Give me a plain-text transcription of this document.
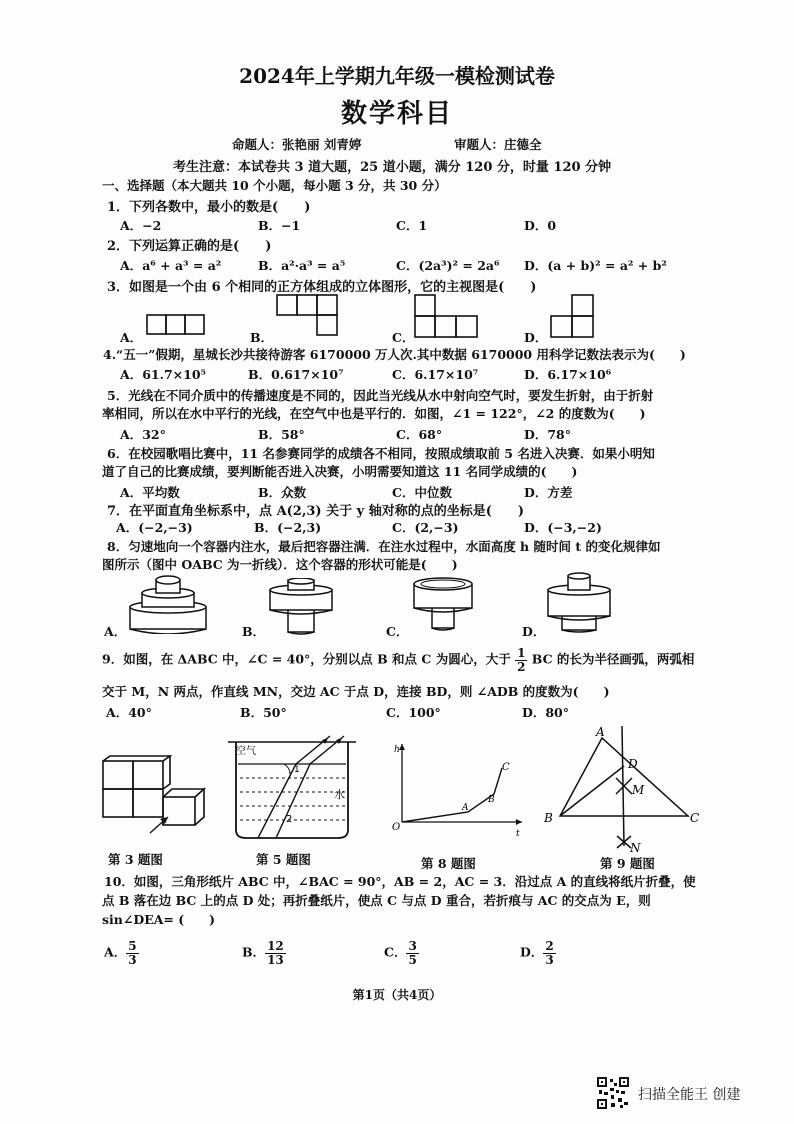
2024年上学期九年级一模检测试卷
数学科目
命题人：张艳丽 刘青婷	审题人：庄德全
考生注意：本试卷共 3 道大题，25 道小题，满分 120 分，时量 120 分钟
一、选择题（本大题共 10 个小题，每小题 3 分，共 30 分）
1．下列各数中，最小的数是(　　)
A．−2	B．−1	C．1	D．0
2．下列运算正确的是(　　)
A．a⁶ + a³ = a²	B．a²·a³ = a⁵	C．(2a³)² = 2a⁶ D．(a + b)² = a² + b²
3．如图是一个由 6 个相同的正方体组成的立体图形，它的主视图是(　　)
A．	B．	C．	D．
4.“五一”假期，星城长沙共接待游客 6170000 万人次.其中数据 6170000 用科学记数法表示为(　　)
A．61.7×10⁵	B．0.617×10⁷	C．6.17×10⁷	D．6.17×10⁶
5．光线在不同介质中的传播速度是不同的，因此当光线从水中射向空气时，要发生折射，由于折射
率相同，所以在水中平行的光线，在空气中也是平行的．如图，∠1 = 122°，∠2 的度数为(　　)
A．32°	B．58°	C．68°	D．78°
6．在校园歌唱比赛中，11 名参赛同学的成绩各不相同，按照成绩取前 5 名进入决赛．如果小明知
道了自己的比赛成绩，要判断能否进入决赛，小明需要知道这 11 名同学成绩的(　　)
A．平均数	B．众数	C．中位数	D．方差
7．在平面直角坐标系中，点 A(2,3) 关于 y 轴对称的点的坐标是(　　)
A．(−2,−3)	B．(−2,3)	C．(2,−3)	D．(−3,−2)
8．匀速地向一个容器内注水，最后把容器注满．在注水过程中，水面高度 h 随时间 t 的变化规律如
图所示（图中 OABC 为一折线）．这个容器的形状可能是(　　)
A．	B．	C．	D．
9．如图，在 ΔABC 中，∠C = 40°，分别以点 B 和点 C 为圆心，大于 $\frac{1}{2}$ BC 的长为半径画弧，两弧相
交于 M，N 两点，作直线 MN，交边 AC 于点 D，连接 BD，则 ∠ADB 的度数为(　　)
A．40°	B．50°	C．100°	D．80°
第 3 题图
空气
水
1
2
第 5 题图
h
t
O
A
B
C
第 8 题图
A
B	C
D
M
N
第 9 题图
10．如图，三角形纸片 ABC 中，∠BAC = 90°，AB = 2，AC = 3．沿过点 A 的直线将纸片折叠，使
点 B 落在边 BC 上的点 D 处；再折叠纸片，使点 C 与点 D 重合，若折痕与 AC 的交点为 E，则
sin∠DEA= (　　)
A． $\frac{5}{3}$	B． $\frac{12}{13}$	C． $\frac{3}{5}$	D． $\frac{2}{3}$
第1页（共4页）
扫描全能王 创建
